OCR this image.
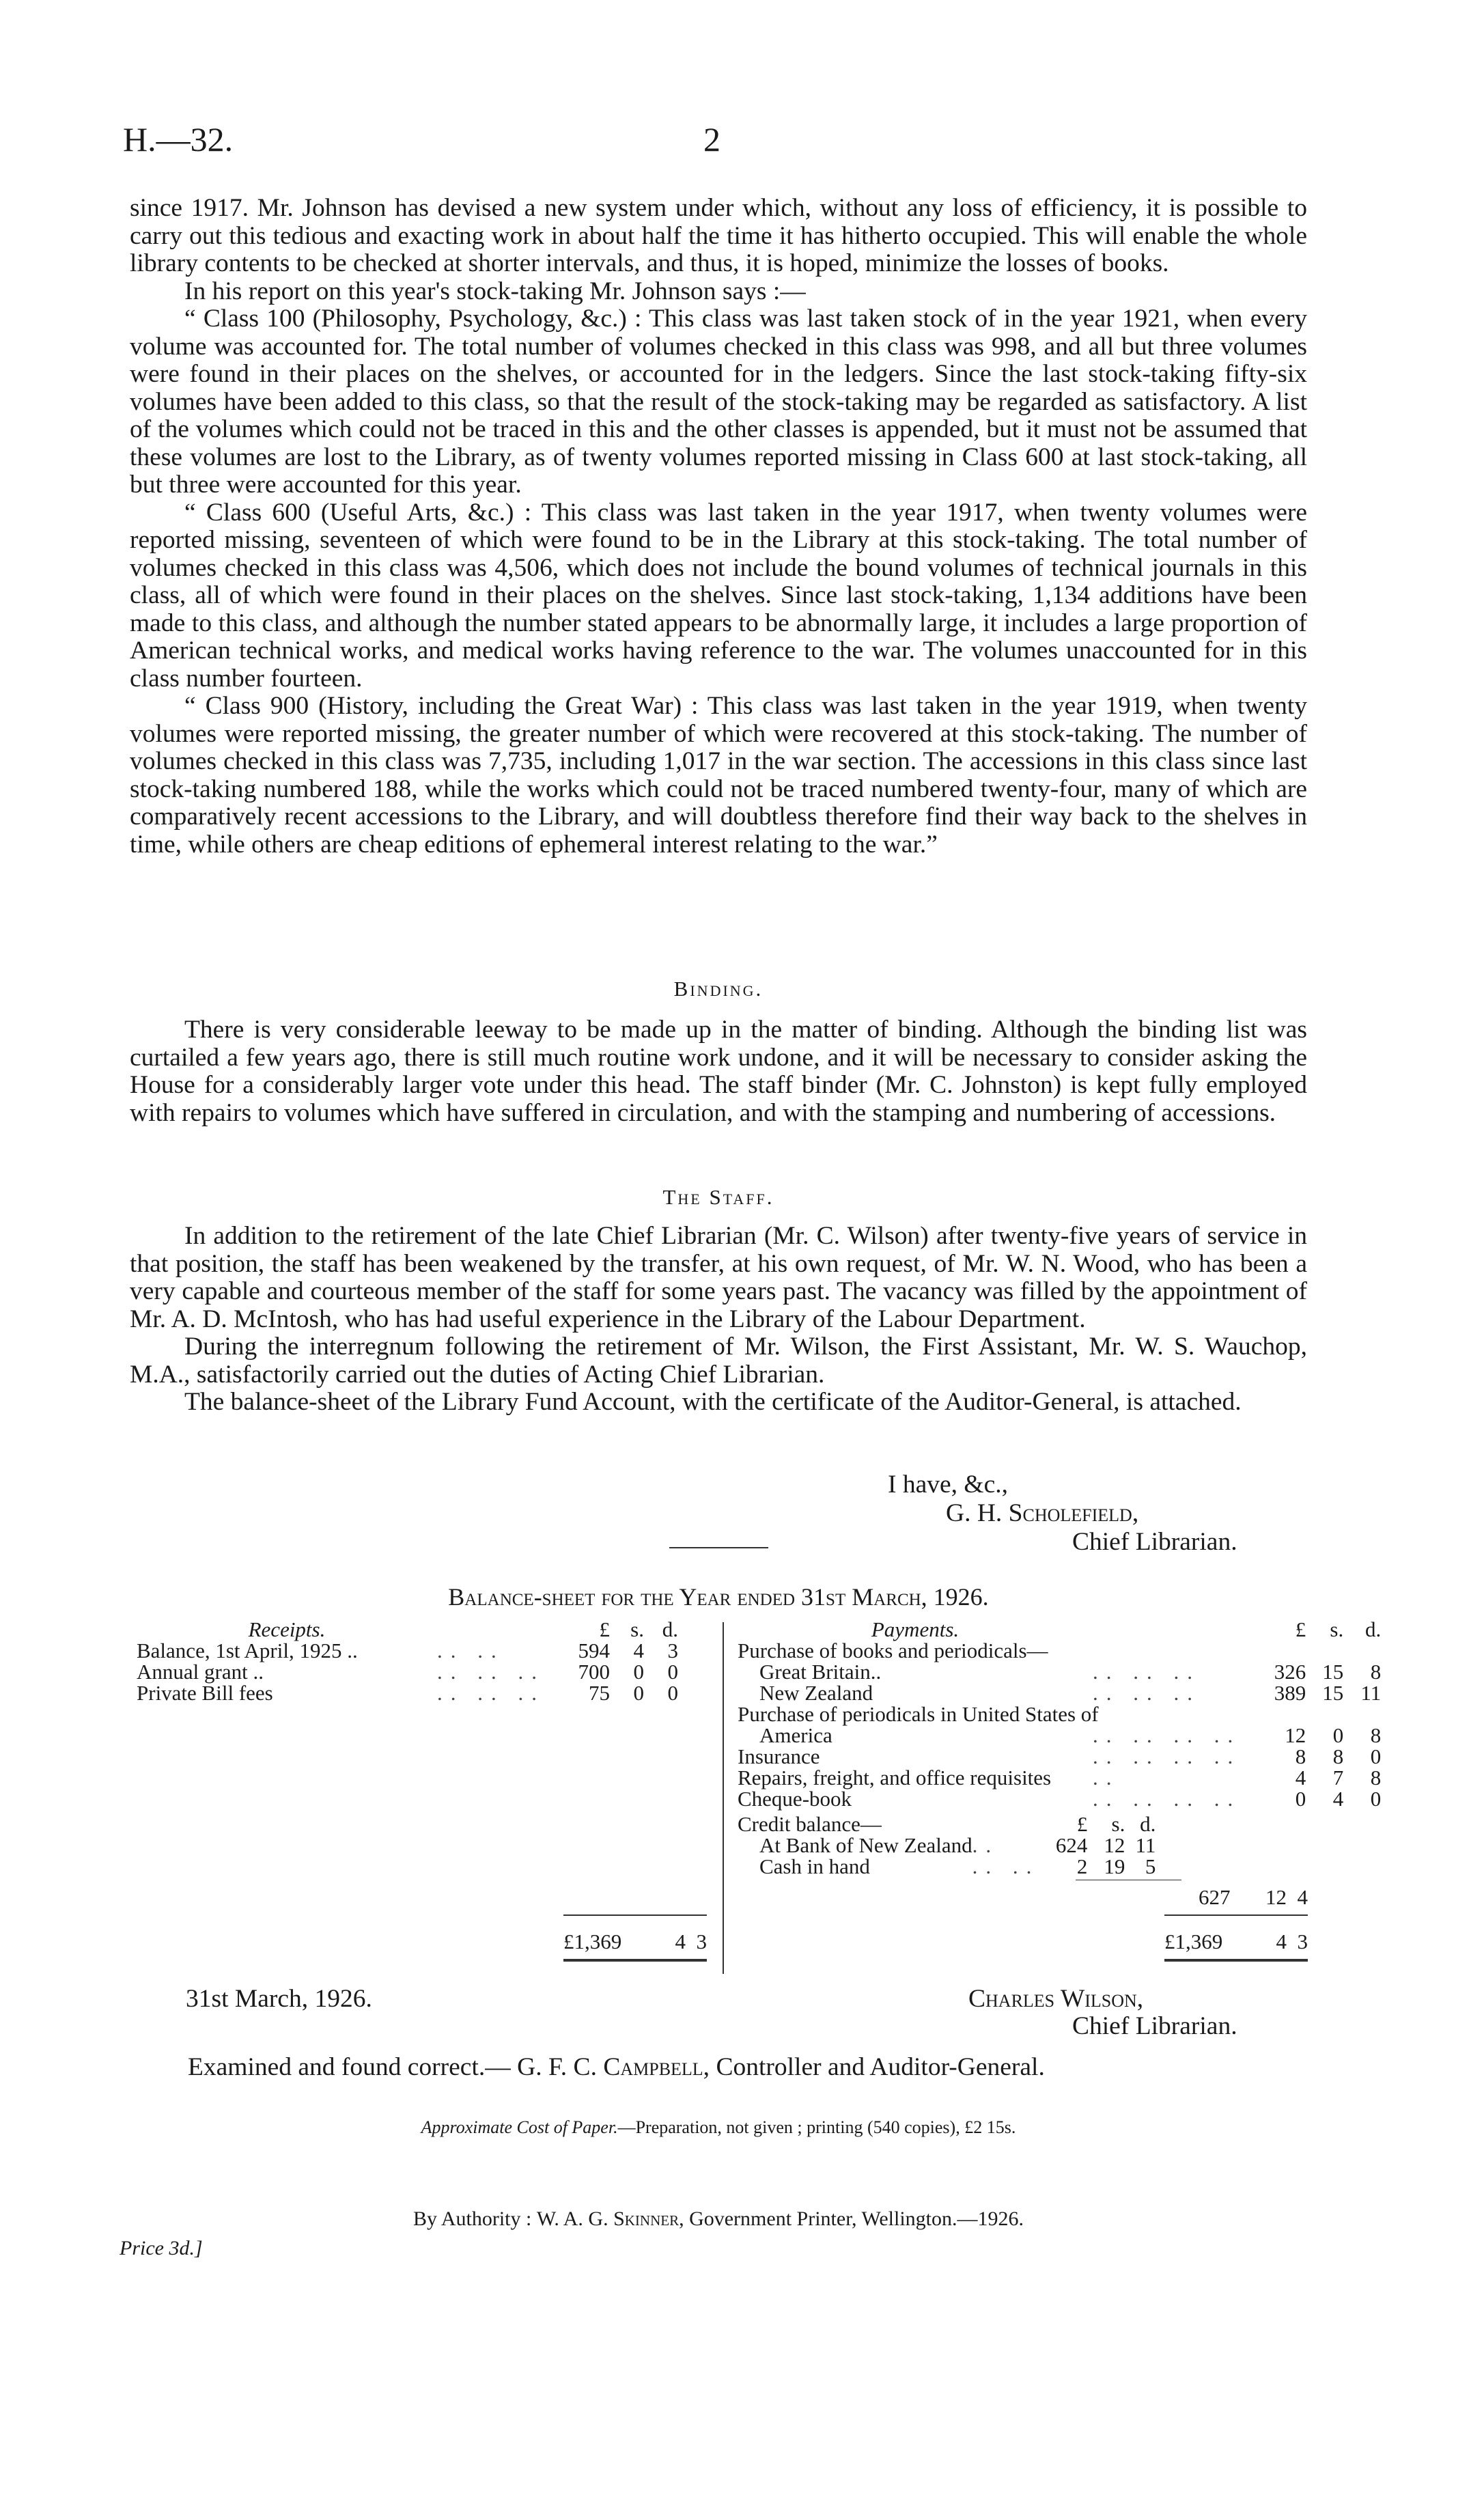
H.—32.	2

since 1917. Mr. Johnson has devised a new system under which, without any loss of efficiency, it is possible to carry out this tedious and exacting work in about half the time it has hitherto occupied. This will enable the whole library contents to be checked at shorter intervals, and thus, it is hoped, minimize the losses of books.

In his report on this year's stock-taking Mr. Johnson says :—

“ Class 100 (Philosophy, Psychology, &c.) : This class was last taken stock of in the year 1921, when every volume was accounted for. The total number of volumes checked in this class was 998, and all but three volumes were found in their places on the shelves, or accounted for in the ledgers. Since the last stock-taking fifty-six volumes have been added to this class, so that the result of the stock-taking may be regarded as satisfactory. A list of the volumes which could not be traced in this and the other classes is appended, but it must not be assumed that these volumes are lost to the Library, as of twenty volumes reported missing in Class 600 at last stock-taking, all but three were accounted for this year.

“ Class 600 (Useful Arts, &c.) : This class was last taken in the year 1917, when twenty volumes were reported missing, seventeen of which were found to be in the Library at this stock-taking. The total number of volumes checked in this class was 4,506, which does not include the bound volumes of technical journals in this class, all of which were found in their places on the shelves. Since last stock-taking, 1,134 additions have been made to this class, and although the number stated appears to be abnormally large, it includes a large proportion of American technical works, and medical works having reference to the war. The volumes unaccounted for in this class number fourteen.

“ Class 900 (History, including the Great War) : This class was last taken in the year 1919, when twenty volumes were reported missing, the greater number of which were recovered at this stock-taking. The number of volumes checked in this class was 7,735, including 1,017 in the war section. The accessions in this class since last stock-taking numbered 188, while the works which could not be traced numbered twenty-four, many of which are comparatively recent accessions to the Library, and will doubtless therefore find their way back to the shelves in time, while others are cheap editions of ephemeral interest relating to the war.”

Binding.

There is very considerable leeway to be made up in the matter of binding. Although the binding list was curtailed a few years ago, there is still much routine work undone, and it will be necessary to consider asking the House for a considerably larger vote under this head. The staff binder (Mr. C. Johnston) is kept fully employed with repairs to volumes which have suffered in circulation, and with the stamping and numbering of accessions.

The Staff.

In addition to the retirement of the late Chief Librarian (Mr. C. Wilson) after twenty-five years of service in that position, the staff has been weakened by the transfer, at his own request, of Mr. W. N. Wood, who has been a very capable and courteous member of the staff for some years past. The vacancy was filled by the appointment of Mr. A. D. McIntosh, who has had useful experience in the Library of the Labour Department.

During the interregnum following the retirement of Mr. Wilson, the First Assistant, Mr. W. S. Wauchop, M.A., satisfactorily carried out the duties of Acting Chief Librarian.

The balance-sheet of the Library Fund Account, with the certificate of the Auditor-General, is attached.

I have, &c.,
G. H. Scholefield,
Chief Librarian.
Balance-sheet for the Year ended 31st March, 1926.
Receipts.		£	s.	d.
Balance, 1st April, 1925 ..	.. ..	594	4	3
Annual grant ..	.. .. ..	700	0	0
Private Bill fees	.. .. ..	75	0	0
£1,369	4 3
Payments.		£	s.	d.
Purchase of books and periodicals—				
Great Britain..	.. .. ..	326	15	8
New Zealand	.. .. ..	389	15	11
Purchase of periodicals in United States of				
America	.. .. .. ..	12	0	8
Insurance	.. .. .. ..	8	8	0
Repairs, freight, and office requisites	..	4	7	8
Cheque-book	.. .. .. ..	0	4	0
Credit balance—		£	s.	d.
At Bank of New Zealand	..	624	12	11
Cash in hand	.. ..	2	19	5
627 12 4
£1,369	4 3
31st March, 1926.	Charles Wilson,
Chief Librarian.
Examined and found correct.— G. F. C. Campbell, Controller and Auditor-General.
Approximate Cost of Paper.—Preparation, not given ; printing (540 copies), £2 15s.
By Authority : W. A. G. Skinner, Government Printer, Wellington.—1926.
Price 3d.]
